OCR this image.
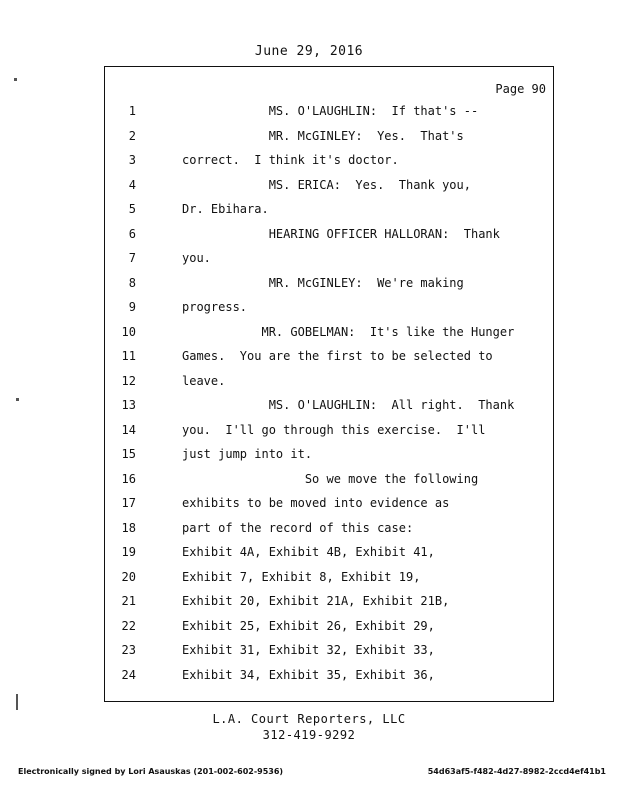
June 29, 2016
Page 90
1	MS. O'LAUGHLIN:  If that's --
2	MR. McGINLEY:  Yes.  That's
3	correct.  I think it's doctor.
4	MS. ERICA:  Yes.  Thank you,
5	Dr. Ebihara.
6	HEARING OFFICER HALLORAN:  Thank
7	you.
8	MR. McGINLEY:  We're making
9	progress.
10	MR. GOBELMAN:  It's like the Hunger
11	Games.  You are the first to be selected to
12	leave.
13	MS. O'LAUGHLIN:  All right.  Thank
14	you.  I'll go through this exercise.  I'll
15	just jump into it.
16	So we move the following
17	exhibits to be moved into evidence as
18	part of the record of this case:
19	Exhibit 4A, Exhibit 4B, Exhibit 41,
20	Exhibit 7, Exhibit 8, Exhibit 19,
21	Exhibit 20, Exhibit 21A, Exhibit 21B,
22	Exhibit 25, Exhibit 26, Exhibit 29,
23	Exhibit 31, Exhibit 32, Exhibit 33,
24	Exhibit 34, Exhibit 35, Exhibit 36,
L.A. Court Reporters, LLC
312-419-9292
Electronically signed by Lori Asauskas (201-002-602-9536)	54d63af5-f482-4d27-8982-2ccd4ef41b1
